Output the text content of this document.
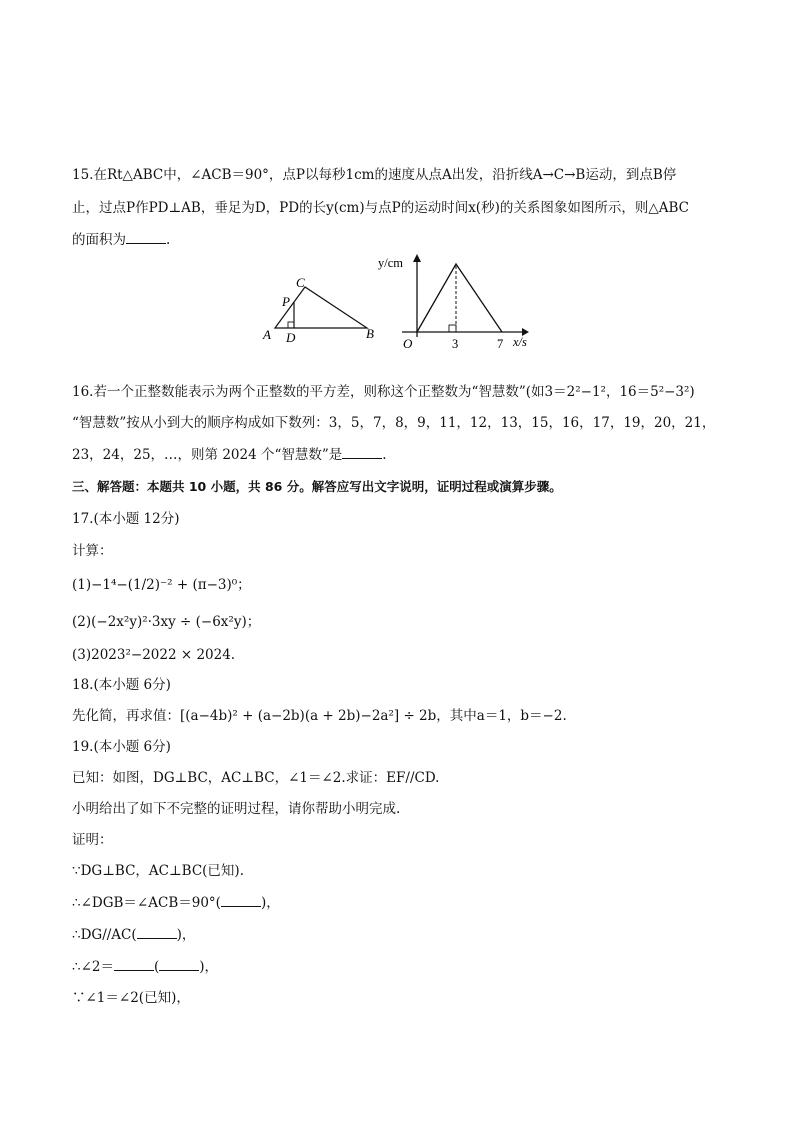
15.在Rt△ABC中，∠ACB＝90°，点P以每秒1cm的速度从点A出发，沿折线A→C→B运动，到点B停
止，过点P作PD⊥AB，垂足为D，PD的长y(cm)与点P的运动时间x(秒)的关系图象如图所示，则△ABC
的面积为	.
A	B
C
P
D
y/cm
x/s
O	3	7
16.若一个正整数能表示为两个正整数的平方差，则称这个正整数为“智慧数”(如3＝2²−1²，16＝5²−3²)
“智慧数”按从小到大的顺序构成如下数列：3，5，7，8，9，11，12，13，15，16，17，19，20，21，
23，24，25，…，则第 2024 个“智慧数”是	.
三、解答题：本题共 10 小题，共 86 分。解答应写出文字说明，证明过程或演算步骤。
17.(本小题 12分)
计算：
(1)−1⁴−(1/2)⁻² + (π−3)⁰；
(2)(−2x²y)²·3xy ÷ (−6x²y)；
(3)2023²−2022 × 2024.
18.(本小题 6分)
先化简，再求值：[(a−4b)² + (a−2b)(a + 2b)−2a²] ÷ 2b，其中a＝1，b＝−2.
19.(本小题 6分)
已知：如图，DG⊥BC，AC⊥BC，∠1＝∠2.求证：EF//CD.
小明给出了如下不完整的证明过程，请你帮助小明完成.
证明：
∵DG⊥BC，AC⊥BC(已知).
∴∠DGB＝∠ACB＝90°(	)，
∴DG//AC(	)，
∴∠2＝	(	)，
∵∠1＝∠2(已知)，
